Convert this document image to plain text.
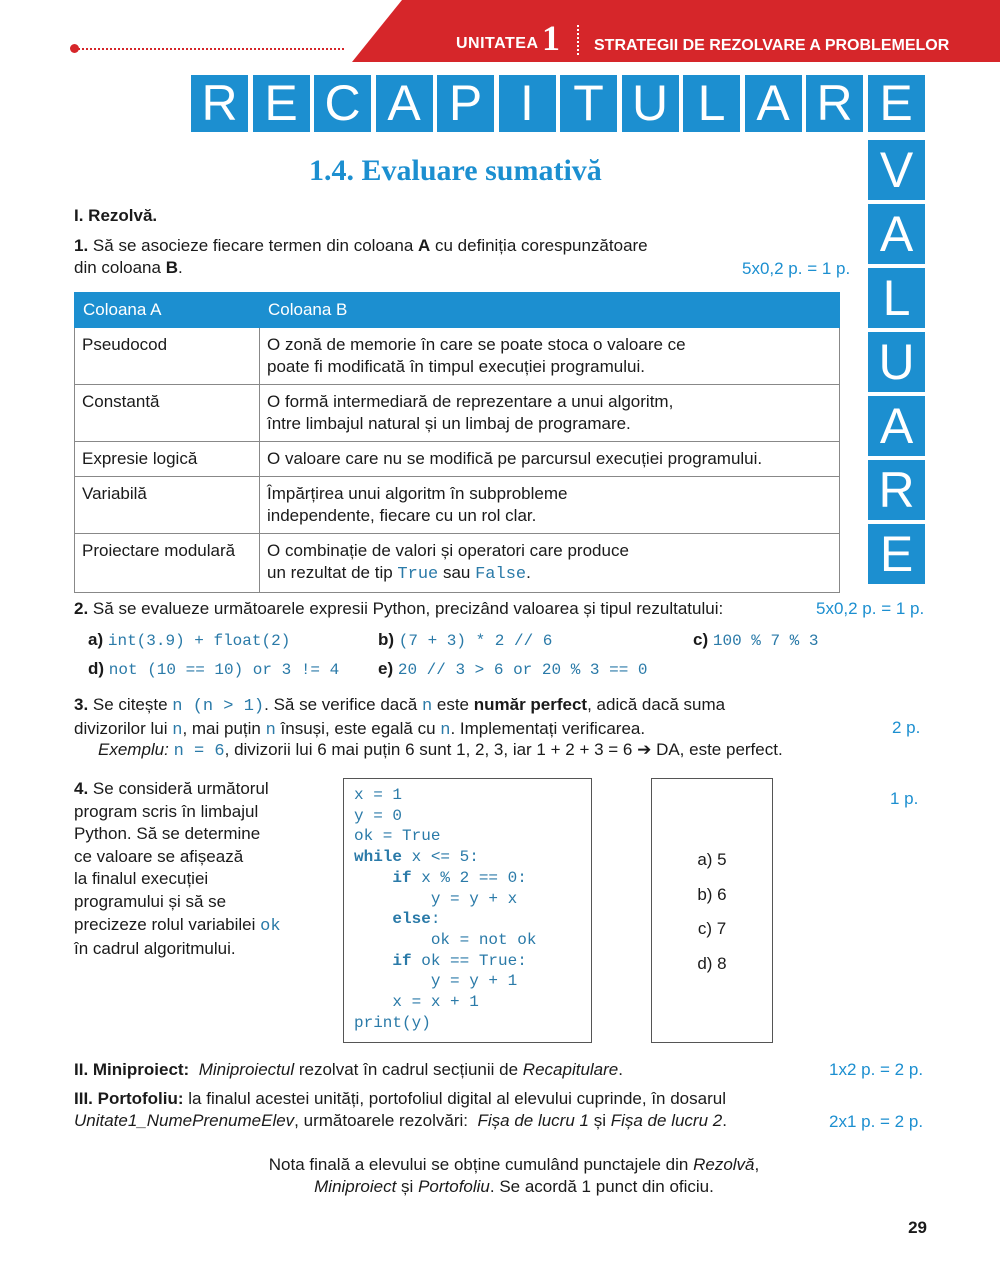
UNITATEA 1 STRATEGII DE REZOLVARE A PROBLEMELOR
R E C A P I T U L A R E
V
A
L
U
A
R
E
1.4. Evaluare sumativă
I. Rezolvă.
1. Să se asocieze fiecare termen din coloana A cu definiția corespunzătoare
din coloana B.	5x0,2 p. = 1 p.
Coloana A	Coloana B
Pseudocod	O zonă de memorie în care se poate stoca o valoare ce
poate fi modificată în timpul execuției programului.
Constantă	O formă intermediară de reprezentare a unui algoritm,
între limbajul natural și un limbaj de programare.
Expresie logică	O valoare care nu se modifică pe parcursul execuției programului.
Variabilă	Împărțirea unui algoritm în subprobleme
independente, fiecare cu un rol clar.
Proiectare modulară	O combinație de valori și operatori care produce
un rezultat de tip True sau False.
2. Să se evalueze următoarele expresii Python, precizând valoarea și tipul rezultatului:	5x0,2 p. = 1 p.
a) int(3.9) + float(2)	b) (7 + 3) * 2 // 6	c) 100 % 7 % 3
d) not (10 == 10) or 3 != 4 e) 20 // 3 > 6 or 20 % 3 == 0
3. Se citește n (n > 1). Să se verifice dacă n este număr perfect, adică dacă suma
divizorilor lui n, mai puțin n însuși, este egală cu n. Implementați verificarea.	2 p.
Exemplu: n = 6, divizorii lui 6 mai puțin 6 sunt 1, 2, 3, iar 1 + 2 + 3 = 6 ➔ DA, este perfect.
4. Se consideră următorul
program scris în limbajul
Python. Să se determine
ce valoare se afișează
la finalul execuției
programului și să se
precizeze rolul variabilei ok
în cadrul algoritmului.
1 p.
x = 1
y = 0
ok = True
while x <= 5:
if x % 2 == 0:
y = y + x
else:
ok = not ok
if ok == True:
y = y + 1
x = x + 1
print(y)
a) 5
b) 6
c) 7
d) 8
II. Miniproiect: Miniproiectul rezolvat în cadrul secțiunii de Recapitulare.	1x2 p. = 2 p.
III. Portofoliu: la finalul acestei unități, portofoliul digital al elevului cuprinde, în dosarul
Unitate1_NumePrenumeElev, următoarele rezolvări:  Fișa de lucru 1 și Fișa de lucru 2.	2x1 p. = 2 p.
Nota finală a elevului se obține cumulând punctajele din Rezolvă,
Miniproiect și Portofoliu. Se acordă 1 punct din oficiu.
29
